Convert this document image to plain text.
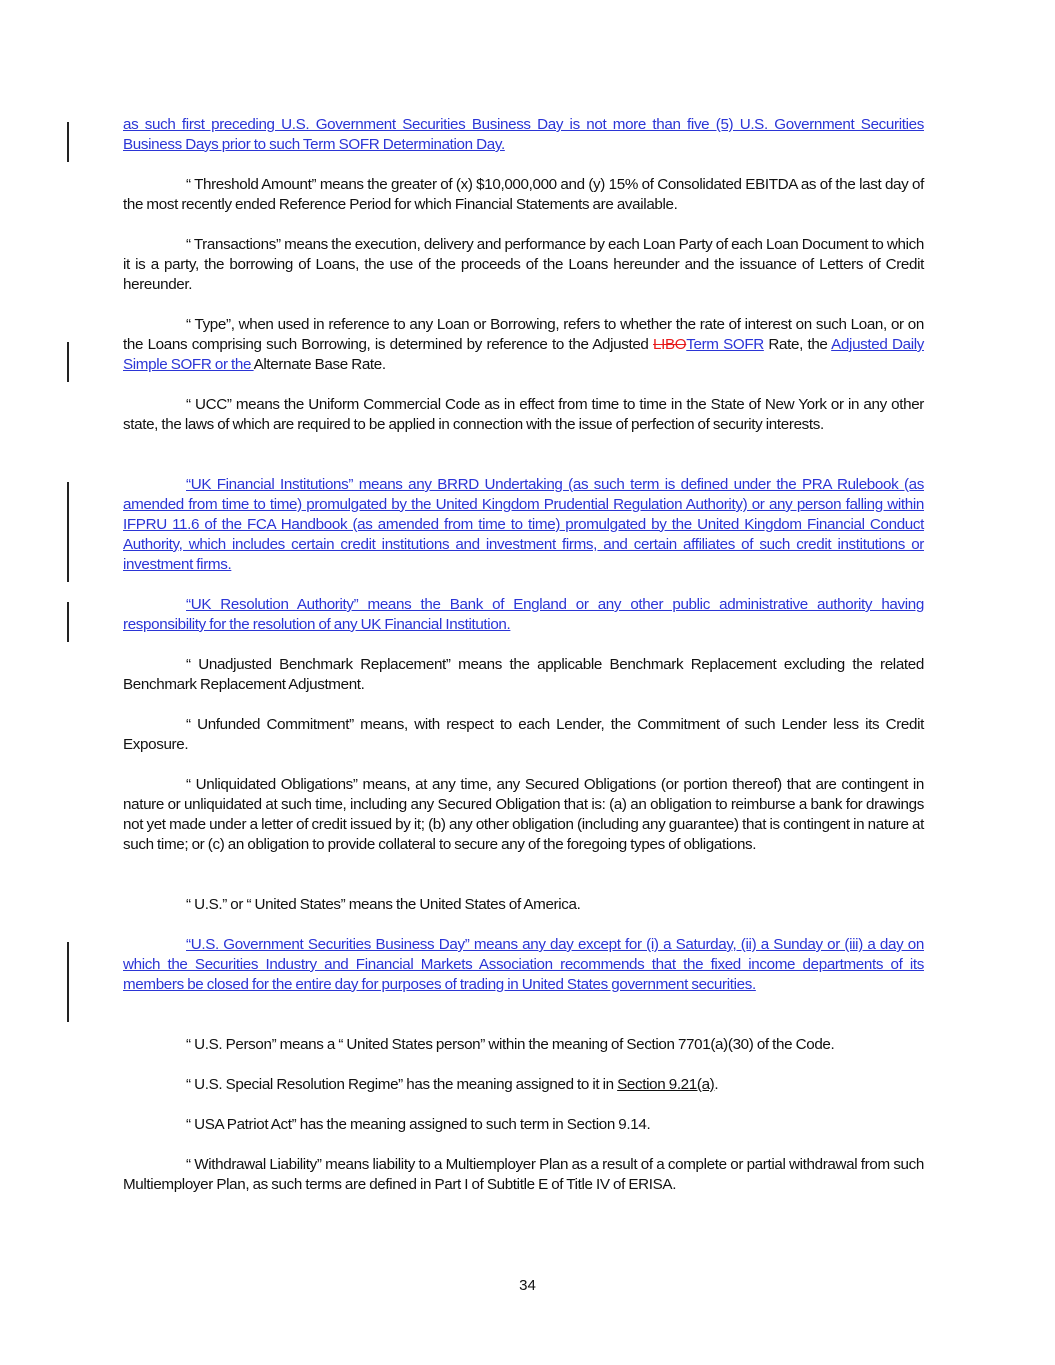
as such first preceding U.S. Government Securities Business Day is not more than five (5) U.S. Government Securities Business Days prior to such Term SOFR Determination Day.

“ Threshold Amount” means the greater of (x) $10,000,000 and (y) 15% of Consolidated EBITDA as of the last day of the most recently ended Reference Period for which Financial Statements are available.

“ Transactions” means the execution, delivery and performance by each Loan Party of each Loan Document to which it is a party, the borrowing of Loans, the use of the proceeds of the Loans hereunder and the issuance of Letters of Credit hereunder.

“ Type”, when used in reference to any Loan or Borrowing, refers to whether the rate of interest on such Loan, or on the Loans comprising such Borrowing, is determined by reference to the Adjusted LIBOTerm SOFR Rate, the Adjusted Daily Simple SOFR or the Alternate Base Rate.

“ UCC” means the Uniform Commercial Code as in effect from time to time in the State of New York or in any other state, the laws of which are required to be applied in connection with the issue of perfection of security interests.

“UK Financial Institutions” means any BRRD Undertaking (as such term is defined under the PRA Rulebook (as amended from time to time) promulgated by the United Kingdom Prudential Regulation Authority) or any person falling within IFPRU 11.6 of the FCA Handbook (as amended from time to time) promulgated by the United Kingdom Financial Conduct Authority, which includes certain credit institutions and investment firms, and certain affiliates of such credit institutions or investment firms.

“UK Resolution Authority” means the Bank of England or any other public administrative authority having responsibility for the resolution of any UK Financial Institution.

“ Unadjusted Benchmark Replacement” means the applicable Benchmark Replacement excluding the related Benchmark Replacement Adjustment.

“ Unfunded Commitment” means, with respect to each Lender, the Commitment of such Lender less its Credit Exposure.

“ Unliquidated Obligations” means, at any time, any Secured Obligations (or portion thereof) that are contingent in nature or unliquidated at such time, including any Secured Obligation that is: (a) an obligation to reimburse a bank for drawings not yet made under a letter of credit issued by it; (b) any other obligation (including any guarantee) that is contingent in nature at such time; or (c) an obligation to provide collateral to secure any of the foregoing types of obligations.

“ U.S.” or “ United States” means the United States of America.

“U.S. Government Securities Business Day” means any day except for (i) a Saturday, (ii) a Sunday or (iii) a day on which the Securities Industry and Financial Markets Association recommends that the fixed income departments of its members be closed for the entire day for purposes of trading in United States government securities.

“ U.S. Person” means a “ United States person” within the meaning of Section 7701(a)(30) of the Code.

“ U.S. Special Resolution Regime” has the meaning assigned to it in Section 9.21(a).

“ USA Patriot Act” has the meaning assigned to such term in Section 9.14.

“ Withdrawal Liability” means liability to a Multiemployer Plan as a result of a complete or partial withdrawal from such Multiemployer Plan, as such terms are defined in Part I of Subtitle E of Title IV of ERISA.

34
